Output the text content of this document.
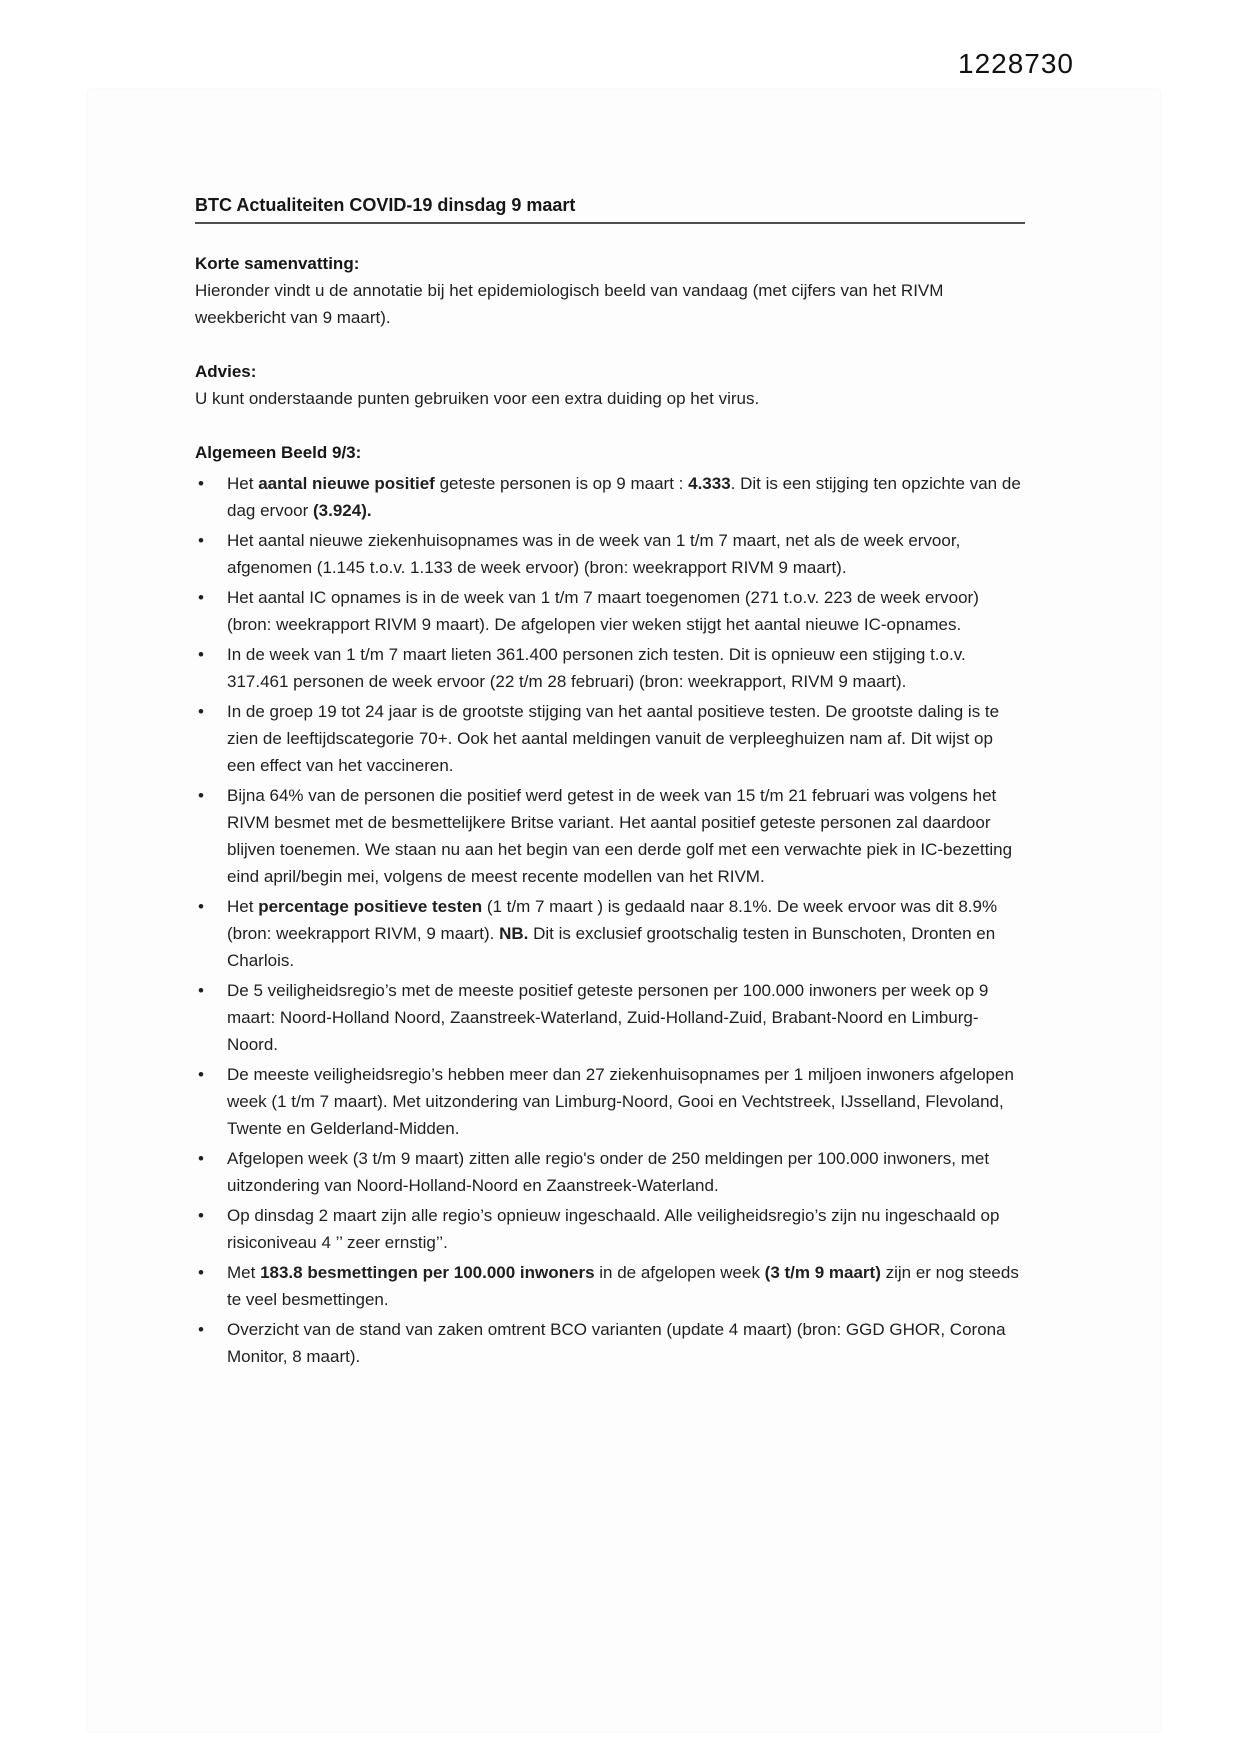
1228730
BTC Actualiteiten COVID-19 dinsdag 9 maart
Korte samenvatting:

Hieronder vindt u de annotatie bij het epidemiologisch beeld van vandaag (met cijfers van het RIVM weekbericht van 9 maart).

Advies:

U kunt onderstaande punten gebruiken voor een extra duiding op het virus.

Algemeen Beeld 9/3:
• Het aantal nieuwe positief geteste personen is op 9 maart : 4.333. Dit is een stijging ten opzichte van de dag ervoor (3.924).
• Het aantal nieuwe ziekenhuisopnames was in de week van 1 t/m 7 maart, net als de week ervoor, afgenomen (1.145 t.o.v. 1.133 de week ervoor) (bron: weekrapport RIVM 9 maart).
• Het aantal IC opnames is in de week van 1 t/m 7 maart toegenomen (271 t.o.v. 223 de week ervoor) (bron: weekrapport RIVM 9 maart). De afgelopen vier weken stijgt het aantal nieuwe IC-opnames.
• In de week van 1 t/m 7 maart lieten 361.400 personen zich testen. Dit is opnieuw een stijging t.o.v. 317.461 personen de week ervoor (22 t/m 28 februari) (bron: weekrapport, RIVM 9 maart).
• In de groep 19 tot 24 jaar is de grootste stijging van het aantal positieve testen. De grootste daling is te zien de leeftijdscategorie 70+. Ook het aantal meldingen vanuit de verpleeghuizen nam af. Dit wijst op een effect van het vaccineren.
• Bijna 64% van de personen die positief werd getest in de week van 15 t/m 21 februari was volgens het RIVM besmet met de besmettelijkere Britse variant. Het aantal positief geteste personen zal daardoor blijven toenemen. We staan nu aan het begin van een derde golf met een verwachte piek in IC-bezetting eind april/begin mei, volgens de meest recente modellen van het RIVM.
• Het percentage positieve testen (1 t/m 7 maart ) is gedaald naar 8.1%. De week ervoor was dit 8.9% (bron: weekrapport RIVM, 9 maart). NB. Dit is exclusief grootschalig testen in Bunschoten, Dronten en Charlois.
• De 5 veiligheidsregio’s met de meeste positief geteste personen per 100.000 inwoners per week op 9 maart: Noord-Holland Noord, Zaanstreek-Waterland, Zuid-Holland-Zuid, Brabant-Noord en Limburg-Noord.
• De meeste veiligheidsregio’s hebben meer dan 27 ziekenhuisopnames per 1 miljoen inwoners afgelopen week (1 t/m 7 maart). Met uitzondering van Limburg-Noord, Gooi en Vechtstreek, IJsselland, Flevoland, Twente en Gelderland-Midden.
• Afgelopen week (3 t/m 9 maart) zitten alle regio's onder de 250 meldingen per 100.000 inwoners, met uitzondering van Noord-Holland-Noord en Zaanstreek-Waterland.
• Op dinsdag 2 maart zijn alle regio’s opnieuw ingeschaald. Alle veiligheidsregio’s zijn nu ingeschaald op risiconiveau 4 ’’ zeer ernstig’’.
• Met 183.8 besmettingen per 100.000 inwoners in de afgelopen week (3 t/m 9 maart) zijn er nog steeds te veel besmettingen.
• Overzicht van de stand van zaken omtrent BCO varianten (update 4 maart) (bron: GGD GHOR, Corona Monitor, 8 maart).
